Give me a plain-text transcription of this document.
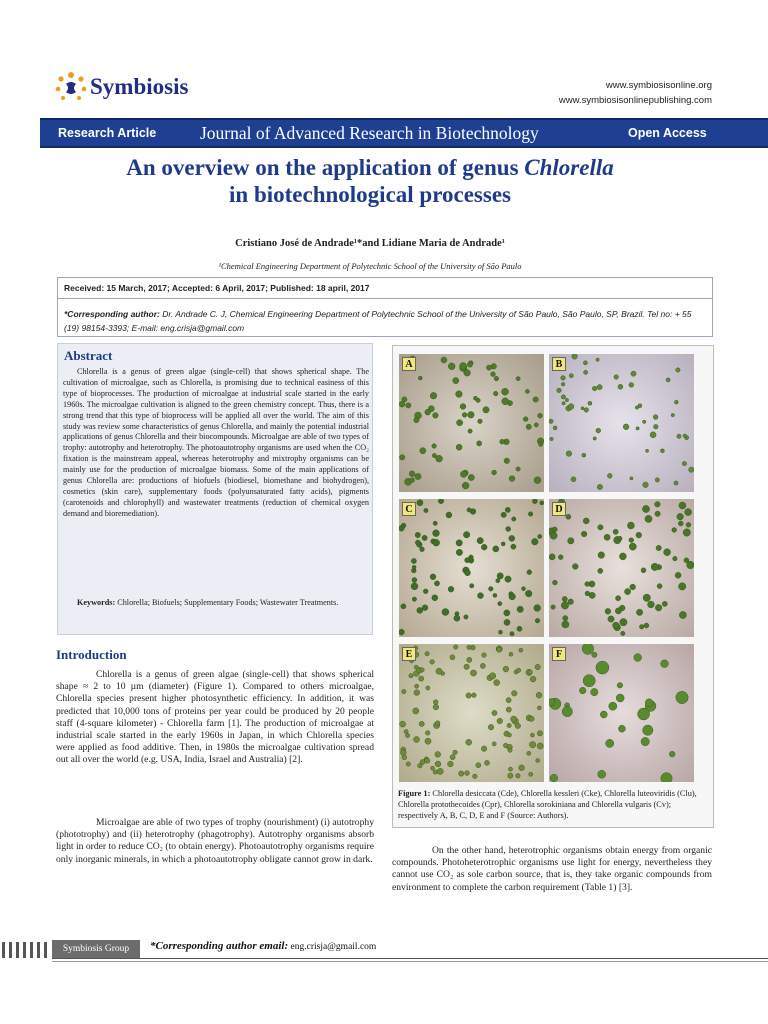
Symbiosis	www.symbiosisonline.org
www.symbiosisonlinepublishing.com
Research Article	Journal of Advanced Research in Biotechnology	Open Access
An overview on the application of genus Chlorella in biotechnological processes
Cristiano José de Andrade¹*and Lidiane Maria de Andrade¹
¹Chemical Engineering Department of Polytechnic School of the University of São Paulo
Received: 15 March, 2017; Accepted: 6 April, 2017; Published: 18 april, 2017
*Corresponding author: Dr. Andrade C. J, Chemical Engineering Department of Polytechnic School of the University of São Paulo, São Paulo, SP, Brazil. Tel no: + 55 (19) 98154-3393; E-mail: eng.crisja@gmail.com
Abstract
Chlorella is a genus of green algae (single-cell) that shows spherical shape. The cultivation of microalgae, such as Chlorella, is promising due to technical easiness of this type of bioprocesses. The production of microalgae at industrial scale started in the early 1960s. The microalgae cultivation is aligned to the green chemistry concept. Thus, there is a strong trend that this type of bioprocess will be applied all over the world. The aim of this study was review some characteristics of genus Chlorella, and mainly the potential industrial applications of genus Chlorella and their biocompounds. Microalgae are able of two types of trophy: autotrophy and heterotrophy. The photoautotrophy organisms are used when the CO₂ fixation is the mainstream appeal, whereas heterotrophy and mixtrophy organisms can be mainly use for the production of microalgae biomass. Some of the main applications of genus Chlorella are: productions of biofuels (biodiesel, biomethane and biohydrogen), cosmetics (skin care), supplementary foods (polyunsaturated fatty acids), pigments (carotenoids and chlorophyll) and wastewater treatments (reduction of chemical oxygen demand and bioremediation).
Keywords: Chlorella; Biofuels; Supplementary Foods; Wastewater Treatments.
Introduction
Chlorella is a genus of green algae (single-cell) that shows spherical shape ≈ 2 to 10 µm (diameter) (Figure 1). Compared to others microalgae, Chlorella species present higher photosynthetic efficiency. In addition, it was predicted that 10,000 tons of proteins per year could be produced by 20 people staff (4-square kilometer) - Chlorella farm [1]. The production of microalgae at industrial scale started in the early 1960s in Japan, in which Chlorella species were applied as food additive. Then, in 1980s the microalgae cultivation spread out all over the world (e.g. USA, India, Israel and Australia) [2].
Microalgae are able of two types of trophy (nourishment) (i) autotrophy (phototrophy) and (ii) heterotrophy (phagotrophy). Autotrophy organisms absorb light in order to reduce CO₂ (to obtain energy). Photoautotrophy organisms require only inorganic minerals, in which a photoautotrophy obligate cannot grow in dark.
On the other hand, heterotrophic organisms obtain energy from organic compounds. Photoheterotrophic organisms use light for energy, nevertheless they cannot use CO₂ as sole carbon source, that is, they take organic compounds from environment to complete the carbon requirement (Table 1) [3].
A	B
C	D
E	F
Figure 1: Chlorella desiccata (Cde), Chlorella kessleri (Cke), Chlorella luteoviridis (Clu), Chlorella protothecoides (Cpr), Chlorella sorokiniana and Chlorella vulgaris (Cv); respectively A, B, C, D, E and F (Source: Authors).
Symbiosis Group	*Corresponding author email: eng.crisja@gmail.com
